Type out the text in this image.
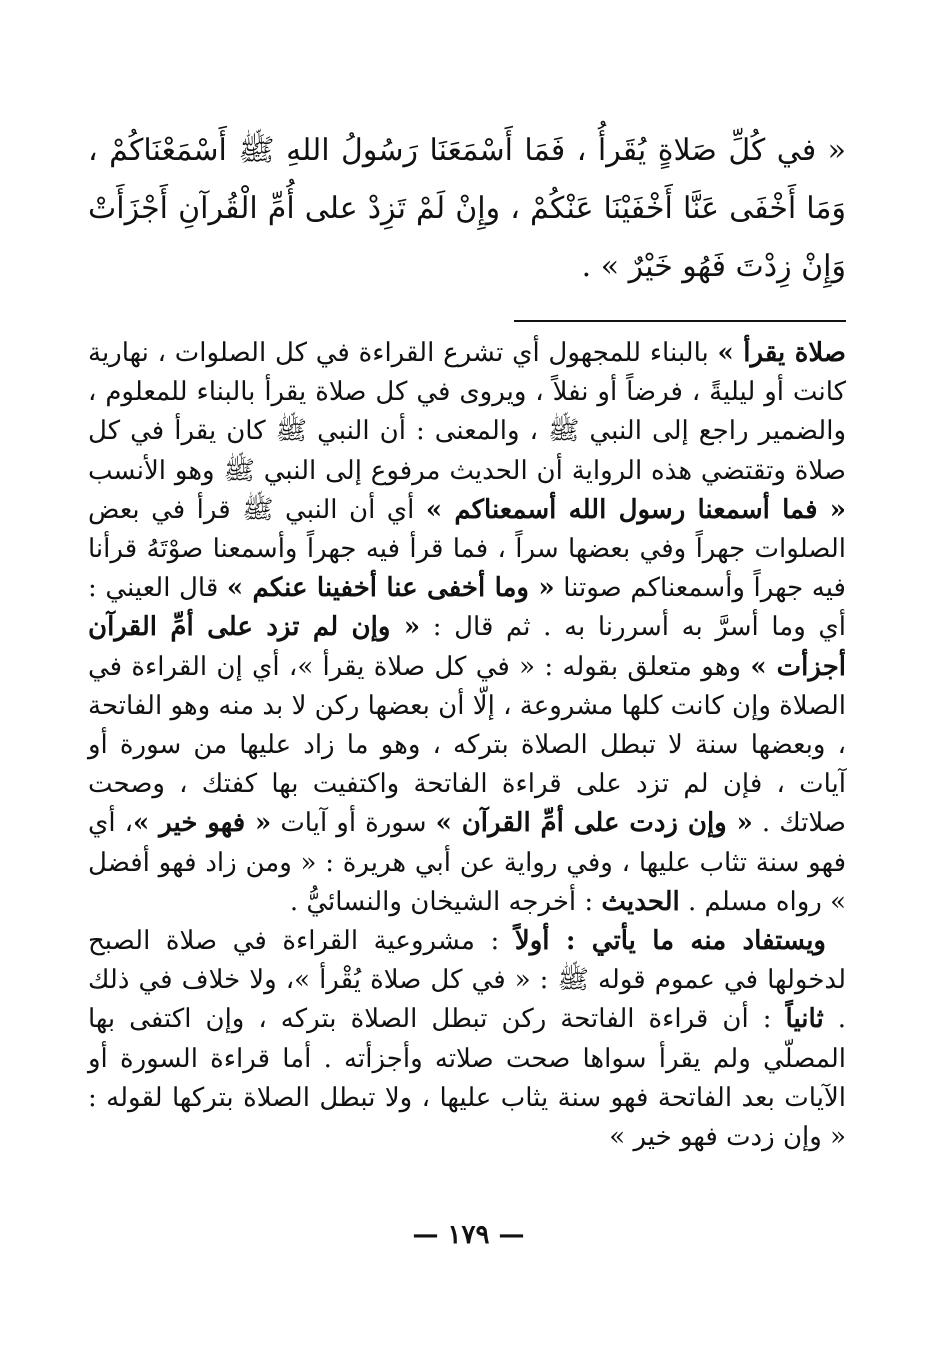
« في كُلِّ صَلاةٍ يُقَرأُ ، فَمَا أَسْمَعَنَا رَسُولُ اللهِ ﷺ أَسْمَعْنَاكُمْ ، وَمَا أَخْفَى عَنَّا أَخْفَيْنَا عَنْكُمْ ، وإِنْ لَمْ تَزِدْ على أُمِّ الْقُرآنِ أَجْزَأَتْ وَإِنْ زِدْتَ فَهُو خَيْرٌ » .

صلاة يقرأ » بالبناء للمجهول أي تشرع القراءة في كل الصلوات ، نهارية كانت أو ليليةً ، فرضاً أو نفلاً ، ويروى في كل صلاة يقرأ بالبناء للمعلوم ، والضمير راجع إلى النبي ﷺ ، والمعنى : أن النبي ﷺ كان يقرأ في كل صلاة وتقتضي هذه الرواية أن الحديث مرفوع إلى النبي ﷺ وهو الأنسب « فما أسمعنا رسول الله أسمعناكم » أي أن النبي ﷺ قرأ في بعض الصلوات جهراً وفي بعضها سراً ، فما قرأ فيه جهراً وأسمعنا صوْتَهُ قرأنا فيه جهراً وأسمعناكم صوتنا « وما أخفى عنا أخفينا عنكم » قال العيني : أي وما أسرَّ به أسررنا به . ثم قال : « وإن لم تزد على أمِّ القرآن أجزأت » وهو متعلق بقوله : « في كل صلاة يقرأ »، أي إن القراءة في الصلاة وإن كانت كلها مشروعة ، إلّا أن بعضها ركن لا بد منه وهو الفاتحة ، وبعضها سنة لا تبطل الصلاة بتركه ، وهو ما زاد عليها من سورة أو آيات ، فإن لم تزد على قراءة الفاتحة واكتفيت بها كفتك ، وصحت صلاتك . « وإن زدت على أمِّ القرآن » سورة أو آيات « فهو خير »، أي فهو سنة تثاب عليها ، وفي رواية عن أبي هريرة : « ومن زاد فهو أفضل » رواه مسلم . الحديث : أخرجه الشيخان والنسائيُّ .

ويستفاد منه ما يأتي : أولاً : مشروعية القراءة في صلاة الصبح لدخولها في عموم قوله ﷺ : « في كل صلاة يُقْرأ »، ولا خلاف في ذلك . ثانياً : أن قراءة الفاتحة ركن تبطل الصلاة بتركه ، وإن اكتفى بها المصلّي ولم يقرأ سواها صحت صلاته وأجزأته . أما قراءة السورة أو الآيات بعد الفاتحة فهو سنة يثاب عليها ، ولا تبطل الصلاة بتركها لقوله : « وإن زدت فهو خير »

— ١٧٩ —
